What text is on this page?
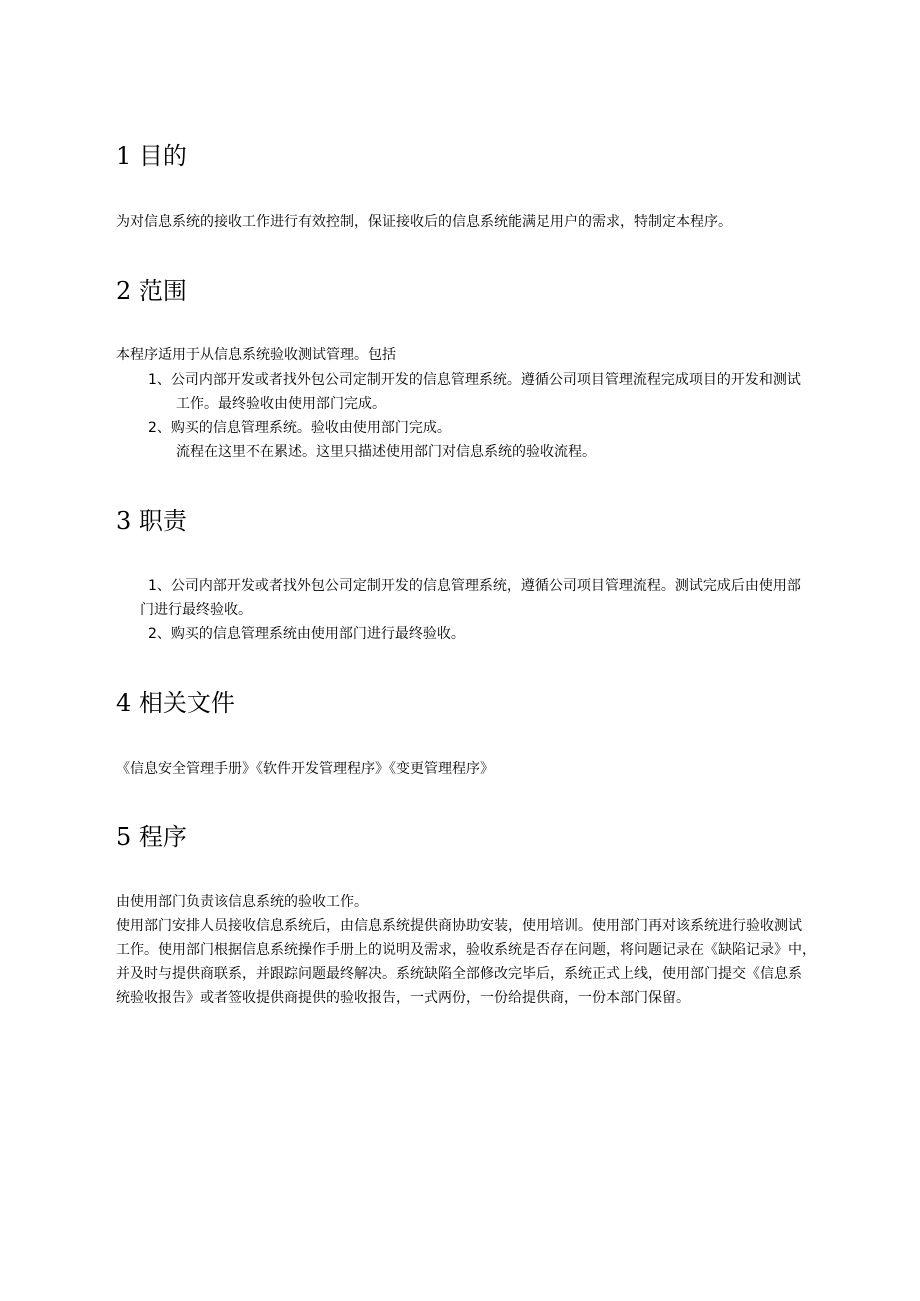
1 目的

为对信息系统的接收工作进行有效控制，保证接收后的信息系统能满足用户的需求，特制定本程序。

2 范围

本程序适用于从信息系统验收测试管理。包括

1、公司内部开发或者找外包公司定制开发的信息管理系统。遵循公司项目管理流程完成项目的开发和测试

工作。最终验收由使用部门完成。

2、购买的信息管理系统。验收由使用部门完成。

流程在这里不在累述。这里只描述使用部门对信息系统的验收流程。

3 职责

1、公司内部开发或者找外包公司定制开发的信息管理系统，遵循公司项目管理流程。测试完成后由使用部

门进行最终验收。

2、购买的信息管理系统由使用部门进行最终验收。

4 相关文件

《信息安全管理手册》《软件开发管理程序》《变更管理程序》

5 程序

由使用部门负责该信息系统的验收工作。

使用部门安排人员接收信息系统后，由信息系统提供商协助安装，使用培训。使用部门再对该系统进行验收测试

工作。使用部门根据信息系统操作手册上的说明及需求，验收系统是否存在问题，将问题记录在《缺陷记录》中，

并及时与提供商联系，并跟踪问题最终解决。系统缺陷全部修改完毕后，系统正式上线，使用部门提交《信息系

统验收报告》或者签收提供商提供的验收报告，一式两份，一份给提供商，一份本部门保留。
